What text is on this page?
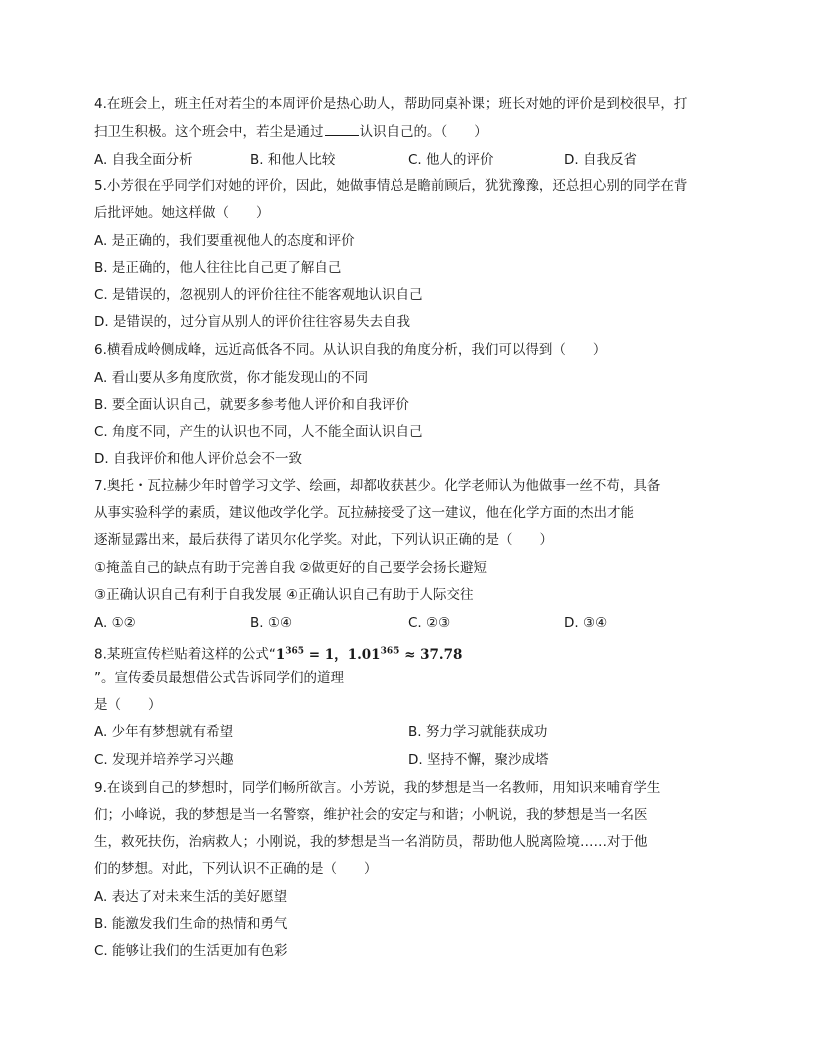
4.在班会上，班主任对若尘的本周评价是热心助人，帮助同桌补课；班长对她的评价是到校很早，打
扫卫生积极。这个班会中，若尘是通过	认识自己的。（　　）
A. 自我全面分析	B. 和他人比较	C. 他人的评价	D. 自我反省
5.小芳很在乎同学们对她的评价，因此，她做事情总是瞻前顾后，犹犹豫豫，还总担心别的同学在背
后批评她。她这样做（　　）
A. 是正确的，我们要重视他人的态度和评价
B. 是正确的，他人往往比自己更了解自己
C. 是错误的，忽视别人的评价往往不能客观地认识自己
D. 是错误的，过分盲从别人的评价往往容易失去自我
6.横看成岭侧成峰，远近高低各不同。从认识自我的角度分析，我们可以得到（　　）
A. 看山要从多角度欣赏，你才能发现山的不同
B. 要全面认识自己，就要多参考他人评价和自我评价
C. 角度不同，产生的认识也不同，人不能全面认识自己
D. 自我评价和他人评价总会不一致
7.奥托・瓦拉赫少年时曾学习文学、绘画，却都收获甚少。化学老师认为他做事一丝不苟，具备
从事实验科学的素质，建议他改学化学。瓦拉赫接受了这一建议，他在化学方面的杰出才能
逐渐显露出来，最后获得了诺贝尔化学奖。对此，下列认识正确的是（　　）
①掩盖自己的缺点有助于完善自我 ②做更好的自己要学会扬长避短
③正确认识自己有利于自我发展 ④正确认识自己有助于人际交往
A. ①②	B. ①④	C. ②③	D. ③④
8.某班宣传栏贴着这样的公式“$1^{365} = 1$，$1.01^{365} \approx 37.78$
”。宣传委员最想借公式告诉同学们的道理
是（　　）
A. 少年有梦想就有希望	B. 努力学习就能获成功
C. 发现并培养学习兴趣	D. 坚持不懈，聚沙成塔
9.在谈到自己的梦想时，同学们畅所欲言。小芳说，我的梦想是当一名教师，用知识来哺育学生
们；小峰说，我的梦想是当一名警察，维护社会的安定与和谐；小帆说，我的梦想是当一名医
生，救死扶伤，治病救人；小刚说，我的梦想是当一名消防员，帮助他人脱离险境……对于他
们的梦想。对此，下列认识不正确的是（　　）
A. 表达了对未来生活的美好愿望
B. 能激发我们生命的热情和勇气
C. 能够让我们的生活更加有色彩
